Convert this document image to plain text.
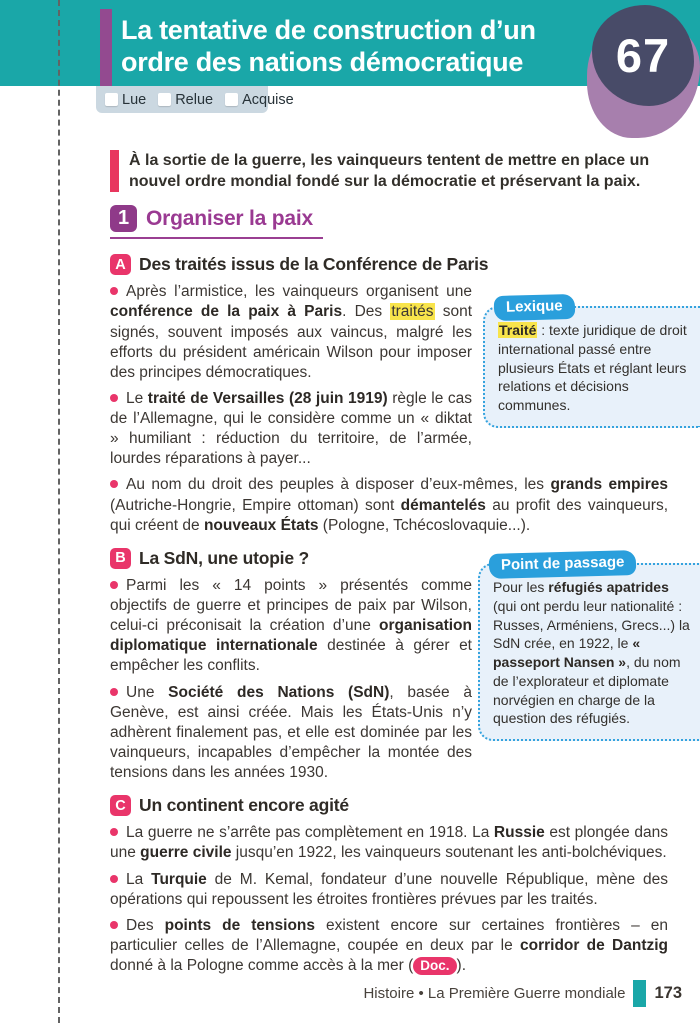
67
La tentative de construction d’un
ordre des nations démocratique
Lue Relue Acquise

À la sortie de la guerre, les vainqueurs tentent de mettre en place un nouvel ordre mondial fondé sur la démocratie et préservant la paix.

1 Organiser la paix
A Des traités issus de la Conférence de Paris

Après l’armistice, les vainqueurs organisent une conférence de la paix à Paris. Des traités sont signés, souvent imposés aux vaincus, malgré les efforts du président américain Wilson pour imposer des principes démocratiques.

Le traité de Versailles (28 juin 1919) règle le cas de l’Allemagne, qui le considère comme un « diktat » humiliant : réduction du territoire, de l’armée, lourdes réparations à payer...

Au nom du droit des peuples à disposer d’eux-mêmes, les grands empires (Autriche-Hongrie, Empire ottoman) sont démantelés au profit des vainqueurs, qui créent de nouveaux États (Pologne, Tchécoslovaquie...).

B La SdN, une utopie ?

Parmi les « 14 points » présentés comme objectifs de guerre et principes de paix par Wilson, celui-ci préconisait la création d’une organisation diplomatique internationale destinée à gérer et empêcher les conflits.

Une Société des Nations (SdN), basée à Genève, est ainsi créée. Mais les États-Unis n’y adhèrent finalement pas, et elle est dominée par les vainqueurs, incapables d’empêcher la montée des tensions dans les années 1930.

C Un continent encore agité

La guerre ne s’arrête pas complètement en 1918. La Russie est plongée dans une guerre civile jusqu’en 1922, les vainqueurs soutenant les anti-bolchéviques.

La Turquie de M. Kemal, fondateur d’une nouvelle République, mène des opérations qui repoussent les étroites frontières prévues par les traités.

Des points de tensions existent encore sur certaines frontières – en particulier celles de l’Allemagne, coupée en deux par le corridor de Dantzig donné à la Pologne comme accès à la mer ( Doc. ).

Lexique

Traité : texte juridique de droit international passé entre plusieurs États et réglant leurs relations et décisions communes.

Point de passage

Pour les réfugiés apatrides (qui ont perdu leur nationalité : Russes, Arméniens, Grecs...) la SdN crée, en 1922, le « passeport Nansen », du nom de l’explorateur et diplomate norvégien en charge de la question des réfugiés.

Histoire • La Première Guerre mondiale 173
